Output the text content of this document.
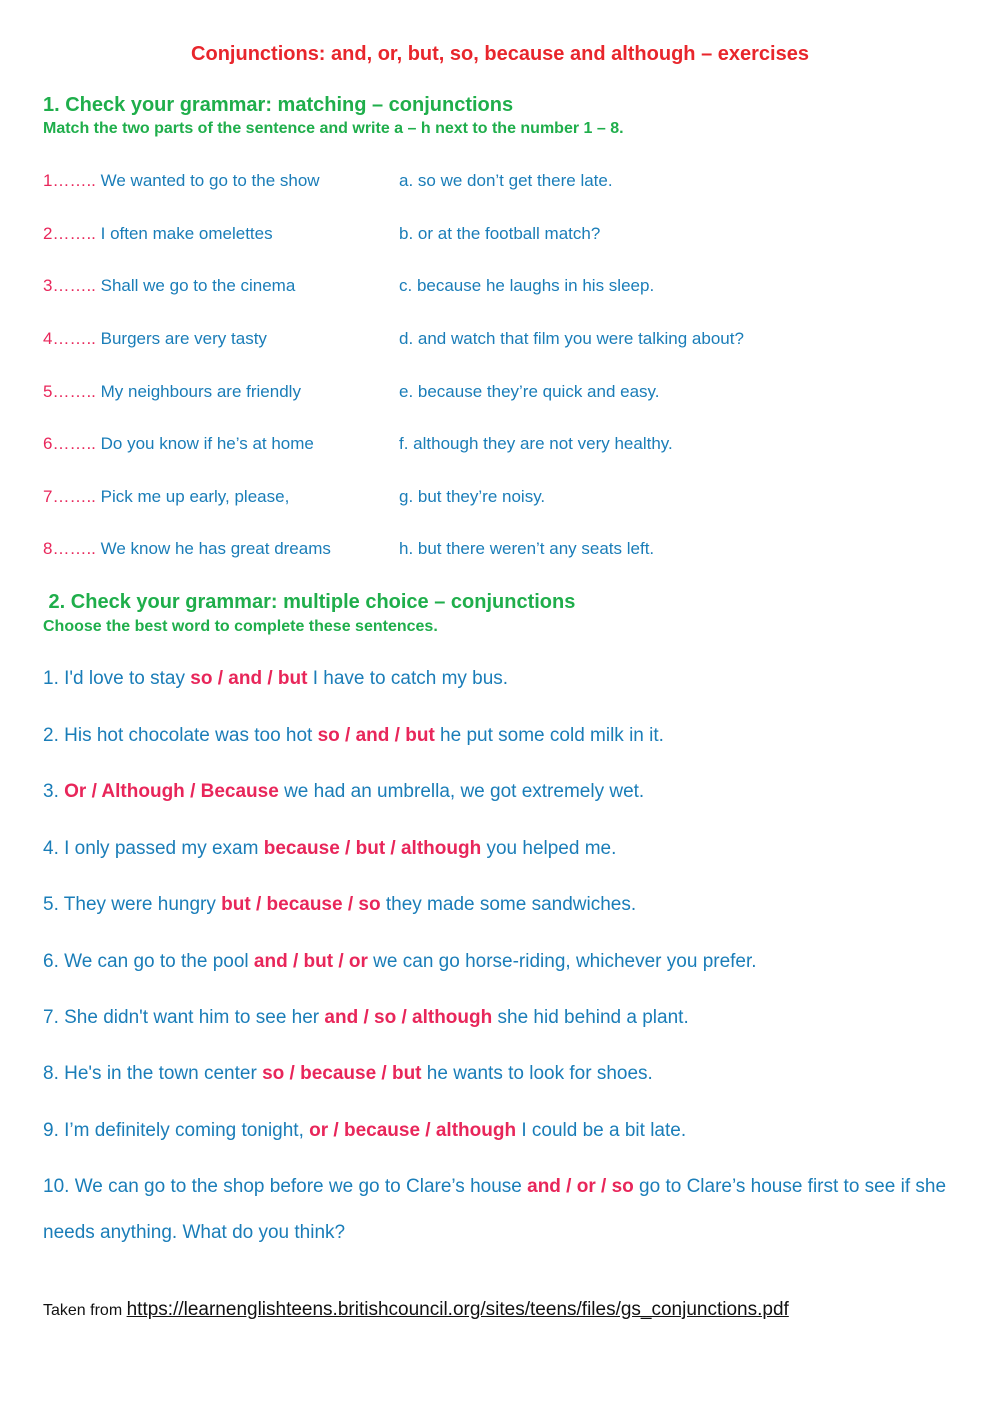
Conjunctions: and, or, but, so, because and although – exercises
1. Check your grammar: matching – conjunctions
Match the two parts of the sentence and write a – h next to the number 1 – 8.
1…….. We wanted to go to the show	a. so we don’t get there late.
2…….. I often make omelettes	b. or at the football match?
3…….. Shall we go to the cinema	c. because he laughs in his sleep.
4…….. Burgers are very tasty	d. and watch that film you were talking about?
5…….. My neighbours are friendly	e. because they’re quick and easy.
6…….. Do you know if he’s at home	f. although they are not very healthy.
7…….. Pick me up early, please,	g. but they’re noisy.
8…….. We know he has great dreams	h. but there weren’t any seats left.
2. Check your grammar: multiple choice – conjunctions
Choose the best word to complete these sentences.
1. I'd love to stay so / and / but I have to catch my bus.
2. His hot chocolate was too hot so / and / but he put some cold milk in it.
3. Or / Although / Because we had an umbrella, we got extremely wet.
4. I only passed my exam because / but / although you helped me.
5. They were hungry but / because / so they made some sandwiches.
6. We can go to the pool and / but / or we can go horse-riding, whichever you prefer.
7. She didn't want him to see her and / so / although she hid behind a plant.
8. He's in the town center so / because / but he wants to look for shoes.
9. I’m definitely coming tonight, or / because / although I could be a bit late.
10. We can go to the shop before we go to Clare’s house and / or / so go to Clare’s house first to see if she needs anything. What do you think?
Taken from https://learnenglishteens.britishcouncil.org/sites/teens/files/gs_conjunctions.pdf
